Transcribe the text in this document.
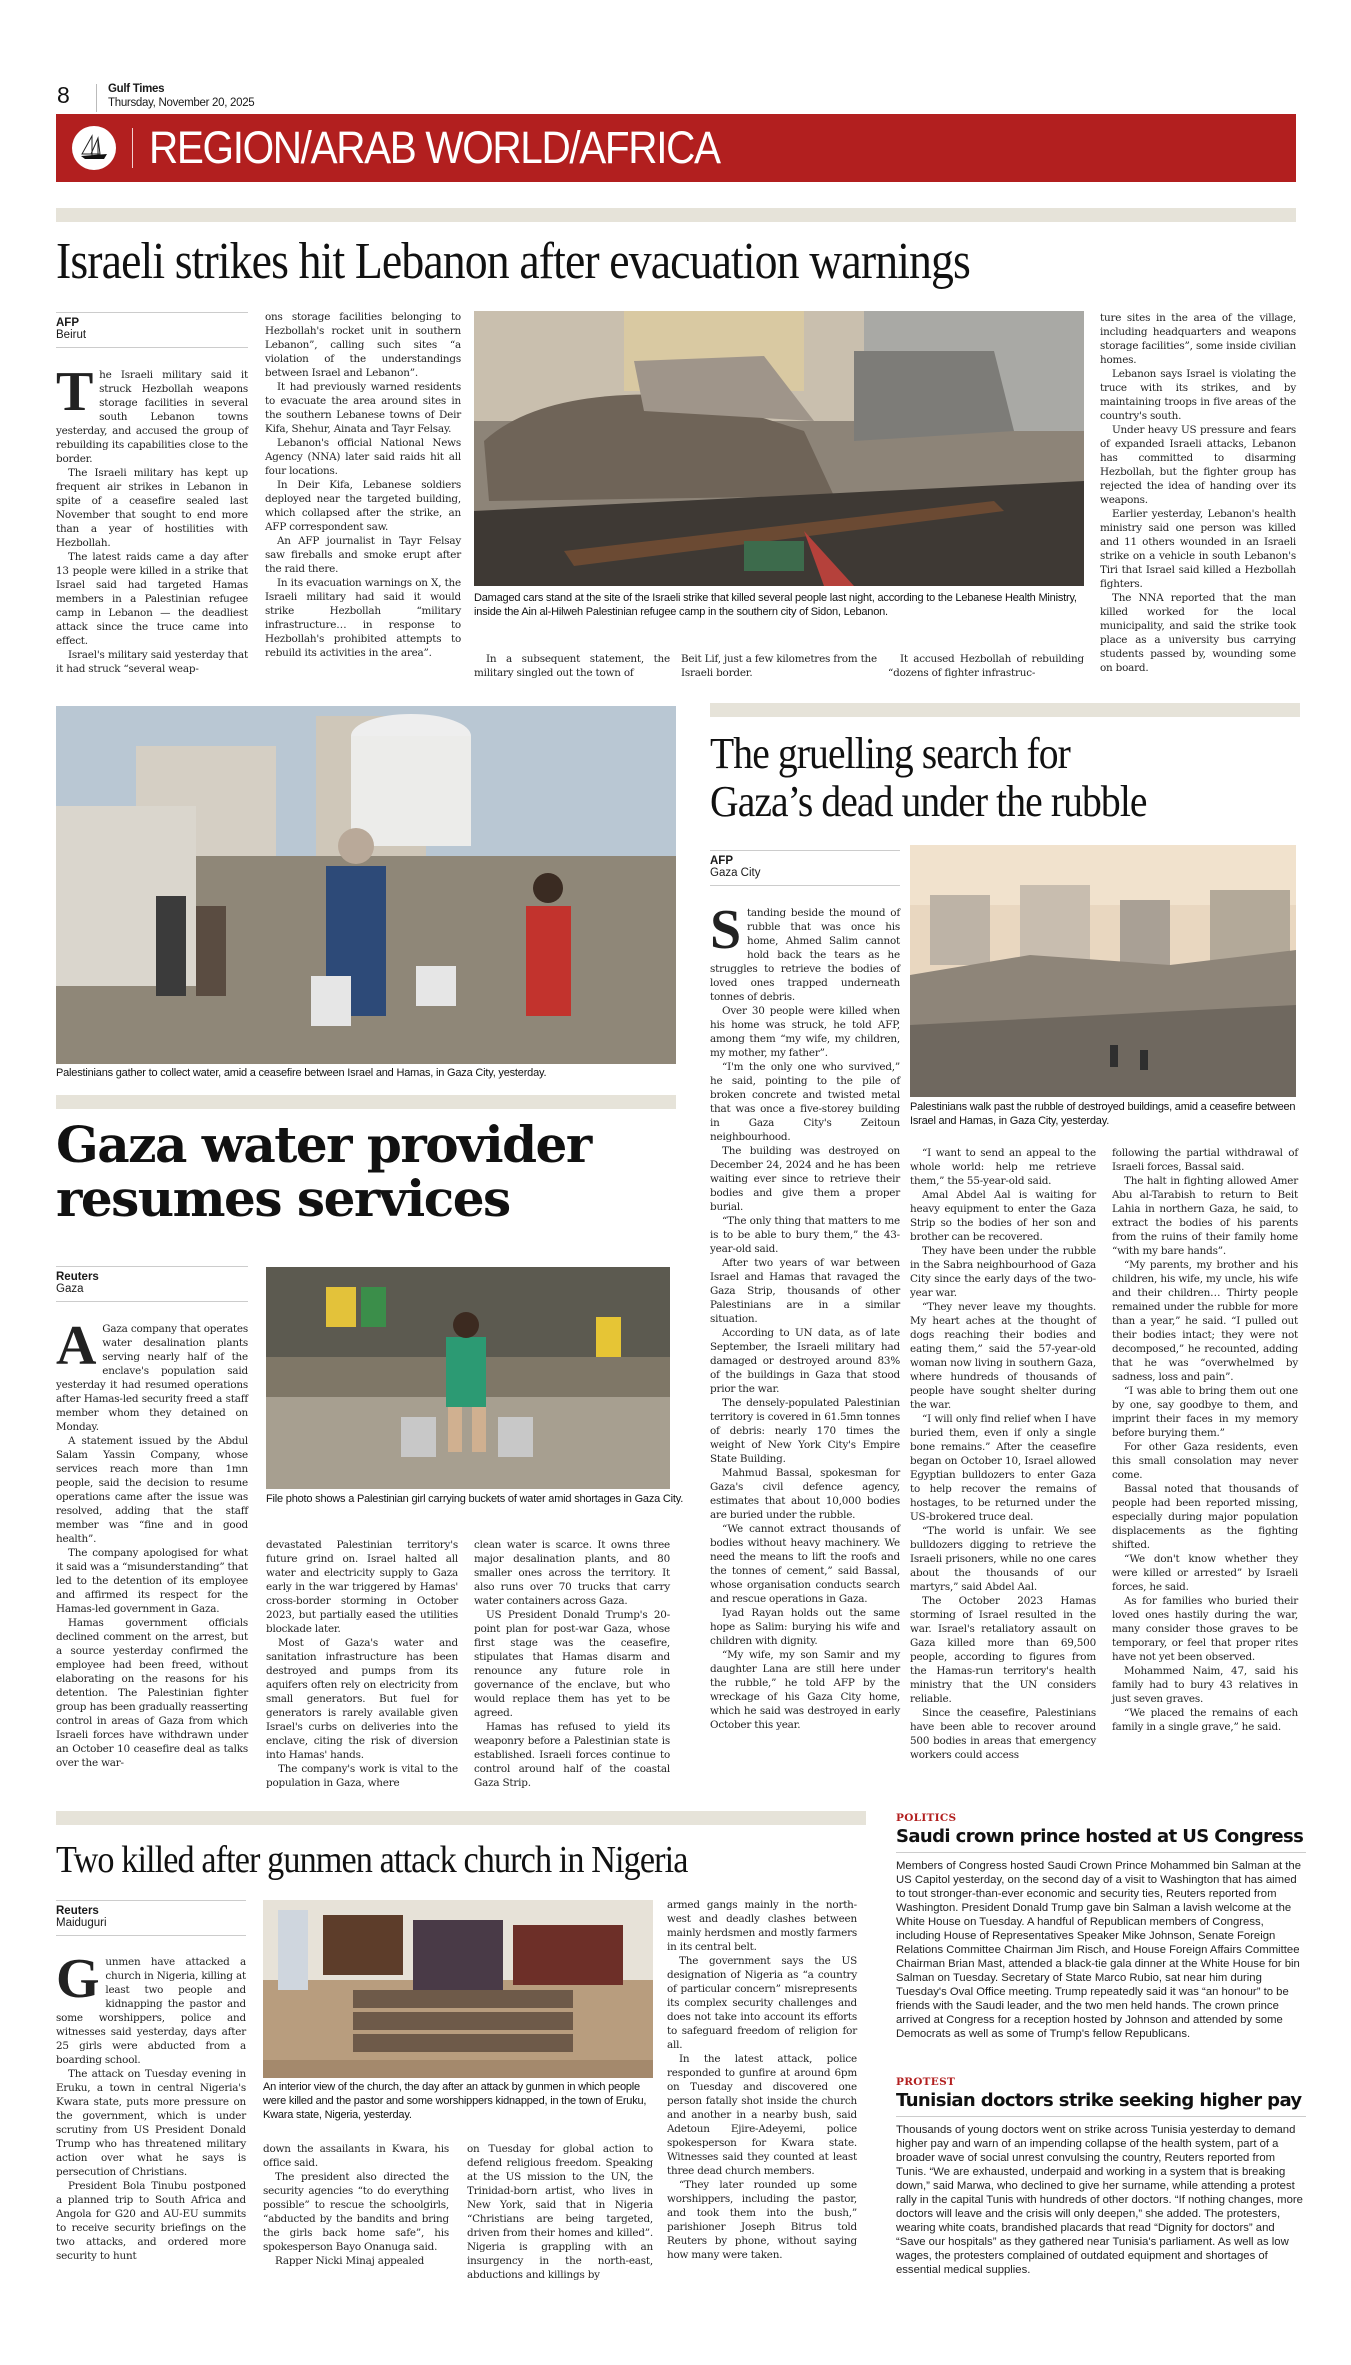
8	Gulf Times
Thursday, November 20, 2025
REGION/ARAB WORLD/AFRICA
Israeli strikes hit Lebanon after evacuation warnings
AFP
Beirut

The Israeli military said it struck Hezbollah weapons storage facilities in several south Lebanon towns yesterday, and accused the group of rebuilding its capabilities close to the border.

The Israeli military has kept up frequent air strikes in Lebanon in spite of a ceasefire sealed last November that sought to end more than a year of hostilities with Hezbollah.

The latest raids came a day after 13 people were killed in a strike that Israel said had targeted Hamas members in a Palestinian refugee camp in Lebanon — the deadliest attack since the truce came into effect.

Israel's military said yesterday that it had struck “several weap-

ons storage facilities belonging to Hezbollah's rocket unit in southern Lebanon”, calling such sites “a violation of the understandings between Israel and Lebanon”.

It had previously warned residents to evacuate the area around sites in the southern Lebanese towns of Deir Kifa, Shehur, Ainata and Tayr Felsay.

Lebanon's official National News Agency (NNA) later said raids hit all four locations.

In Deir Kifa, Lebanese soldiers deployed near the targeted building, which collapsed after the strike, an AFP correspondent saw.

An AFP journalist in Tayr Felsay saw fireballs and smoke erupt after the raid there.

In its evacuation warnings on X, the Israeli military had said it would strike Hezbollah “military infrastructure… in response to Hezbollah's prohibited attempts to rebuild its activities in the area”.

Damaged cars stand at the site of the Israeli strike that killed several people last night, according to the Lebanese Health Ministry, inside the Ain al-Hilweh Palestinian refugee camp in the southern city of Sidon, Lebanon.

In a subsequent statement, the military singled out the town of

Beit Lif, just a few kilometres from the Israeli border.

It accused Hezbollah of rebuilding “dozens of fighter infrastruc-

ture sites in the area of the village, including headquarters and weapons storage facilities”, some inside civilian homes.

Lebanon says Israel is violating the truce with its strikes, and by maintaining troops in five areas of the country's south.

Under heavy US pressure and fears of expanded Israeli attacks, Lebanon has committed to disarming Hezbollah, but the fighter group has rejected the idea of handing over its weapons.

Earlier yesterday, Lebanon's health ministry said one person was killed and 11 others wounded in an Israeli strike on a vehicle in south Lebanon's Tiri that Israel said killed a Hezbollah fighters.

The NNA reported that the man killed worked for the local municipality, and said the strike took place as a university bus carrying students passed by, wounding some on board.

Palestinians gather to collect water, amid a ceasefire between Israel and Hamas, in Gaza City, yesterday.
The gruelling search for
Gaza’s dead under the rubble
AFP
Gaza City

Standing beside the mound of rubble that was once his home, Ahmed Salim cannot hold back the tears as he struggles to retrieve the bodies of loved ones trapped underneath tonnes of debris.

Over 30 people were killed when his home was struck, he told AFP, among them “my wife, my children, my mother, my father”.

“I'm the only one who survived,” he said, pointing to the pile of broken concrete and twisted metal that was once a five-storey building in Gaza City's Zeitoun neighbourhood.

The building was destroyed on December 24, 2024 and he has been waiting ever since to retrieve their bodies and give them a proper burial.

“The only thing that matters to me is to be able to bury them,” the 43-year-old said.

After two years of war between Israel and Hamas that ravaged the Gaza Strip, thousands of other Palestinians are in a similar situation.

According to UN data, as of late September, the Israeli military had damaged or destroyed around 83% of the buildings in Gaza that stood prior the war.

The densely-populated Palestinian territory is covered in 61.5mn tonnes of debris: nearly 170 times the weight of New York City's Empire State Building.

Mahmud Bassal, spokesman for Gaza's civil defence agency, estimates that about 10,000 bodies are buried under the rubble.

“We cannot extract thousands of bodies without heavy machinery. We need the means to lift the roofs and the tonnes of cement,” said Bassal, whose organisation conducts search and rescue operations in Gaza.

Iyad Rayan holds out the same hope as Salim: burying his wife and children with dignity.

“My wife, my son Samir and my daughter Lana are still here under the rubble,” he told AFP by the wreckage of his Gaza City home, which he said was destroyed in early October this year.

Palestinians walk past the rubble of destroyed buildings, amid a ceasefire between Israel and Hamas, in Gaza City, yesterday.

“I want to send an appeal to the whole world: help me retrieve them,” the 55-year-old said.

Amal Abdel Aal is waiting for heavy equipment to enter the Gaza Strip so the bodies of her son and brother can be recovered.

They have been under the rubble in the Sabra neighbourhood of Gaza City since the early days of the two-year war.

“They never leave my thoughts. My heart aches at the thought of dogs reaching their bodies and eating them,” said the 57-year-old woman now living in southern Gaza, where hundreds of thousands of people have sought shelter during the war.

“I will only find relief when I have buried them, even if only a single bone remains.” After the ceasefire began on October 10, Israel allowed Egyptian bulldozers to enter Gaza to help recover the remains of hostages, to be returned under the US-brokered truce deal.

“The world is unfair. We see bulldozers digging to retrieve the Israeli prisoners, while no one cares about the thousands of our martyrs,” said Abdel Aal.

The October 2023 Hamas storming of Israel resulted in the war. Israel's retaliatory assault on Gaza killed more than 69,500 people, according to figures from the Hamas-run territory's health ministry that the UN considers reliable.

Since the ceasefire, Palestinians have been able to recover around 500 bodies in areas that emergency workers could access

following the partial withdrawal of Israeli forces, Bassal said.

The halt in fighting allowed Amer Abu al-Tarabish to return to Beit Lahia in northern Gaza, he said, to extract the bodies of his parents from the ruins of their family home “with my bare hands”.

“My parents, my brother and his children, his wife, my uncle, his wife and their children… Thirty people remained under the rubble for more than a year,” he said. “I pulled out their bodies intact; they were not decomposed,” he recounted, adding that he was “overwhelmed by sadness, loss and pain”.

“I was able to bring them out one by one, say goodbye to them, and imprint their faces in my memory before burying them.”

For other Gaza residents, even this small consolation may never come.

Bassal noted that thousands of people had been reported missing, especially during major population displacements as the fighting shifted.

“We don't know whether they were killed or arrested” by Israeli forces, he said.

As for families who buried their loved ones hastily during the war, many consider those graves to be temporary, or feel that proper rites have not yet been observed.

Mohammed Naim, 47, said his family had to bury 43 relatives in just seven graves.

“We placed the remains of each family in a single grave,” he said.

Gaza water provider
resumes services
Reuters
Gaza

A Gaza company that operates water desalination plants serving nearly half of the enclave's population said yesterday it had resumed operations after Hamas-led security freed a staff member whom they detained on Monday.

A statement issued by the Abdul Salam Yassin Company, whose services reach more than 1mn people, said the decision to resume operations came after the issue was resolved, adding that the staff member was “fine and in good health”.

The company apologised for what it said was a “misunderstanding” that led to the detention of its employee and affirmed its respect for the Hamas-led government in Gaza.

Hamas government officials declined comment on the arrest, but a source yesterday confirmed the employee had been freed, without elaborating on the reasons for his detention. The Palestinian fighter group has been gradually reasserting control in areas of Gaza from which Israeli forces have withdrawn under an October 10 ceasefire deal as talks over the war-

File photo shows a Palestinian girl carrying buckets of water amid shortages in Gaza City.

devastated Palestinian territory's future grind on. Israel halted all water and electricity supply to Gaza early in the war triggered by Hamas' cross-border storming in October 2023, but partially eased the utilities blockade later.

Most of Gaza's water and sanitation infrastructure has been destroyed and pumps from its aquifers often rely on electricity from small generators. But fuel for generators is rarely available given Israel's curbs on deliveries into the enclave, citing the risk of diversion into Hamas' hands.

The company's work is vital to the population in Gaza, where

clean water is scarce. It owns three major desalination plants, and 80 smaller ones across the territory. It also runs over 70 trucks that carry water containers across Gaza.

US President Donald Trump's 20-point plan for post-war Gaza, whose first stage was the ceasefire, stipulates that Hamas disarm and renounce any future role in governance of the enclave, but who would replace them has yet to be agreed.

Hamas has refused to yield its weaponry before a Palestinian state is established. Israeli forces continue to control around half of the coastal Gaza Strip.

Two killed after gunmen attack church in Nigeria
Reuters
Maiduguri

Gunmen have attacked a church in Nigeria, killing at least two people and kidnapping the pastor and some worshippers, police and witnesses said yesterday, days after 25 girls were abducted from a boarding school.

The attack on Tuesday evening in Eruku, a town in central Nigeria's Kwara state, puts more pressure on the government, which is under scrutiny from US President Donald Trump who has threatened military action over what he says is persecution of Christians.

President Bola Tinubu postponed a planned trip to South Africa and Angola for G20 and AU-EU summits to receive security briefings on the two attacks, and ordered more security to hunt

An interior view of the church, the day after an attack by gunmen in which people were killed and the pastor and some worshippers kidnapped, in the town of Eruku, Kwara state, Nigeria, yesterday.

down the assailants in Kwara, his office said.

The president also directed the security agencies “to do everything possible” to rescue the schoolgirls, “abducted by the bandits and bring the girls back home safe”, his spokesperson Bayo Onanuga said.

Rapper Nicki Minaj appealed

on Tuesday for global action to defend religious freedom. Speaking at the US mission to the UN, the Trinidad-born artist, who lives in New York, said that in Nigeria “Christians are being targeted, driven from their homes and killed”. Nigeria is grappling with an insurgency in the north-east, abductions and killings by

armed gangs mainly in the north-west and deadly clashes between mainly herdsmen and mostly farmers in its central belt.

The government says the US designation of Nigeria as “a country of particular concern” misrepresents its complex security challenges and does not take into account its efforts to safeguard freedom of religion for all.

In the latest attack, police responded to gunfire at around 6pm on Tuesday and discovered one person fatally shot inside the church and another in a nearby bush, said Adetoun Ejire-Adeyemi, police spokesperson for Kwara state. Witnesses said they counted at least three dead church members.

“They later rounded up some worshippers, including the pastor, and took them into the bush,” parishioner Joseph Bitrus told Reuters by phone, without saying how many were taken.

POLITICS
Saudi crown prince hosted at US Congress
Members of Congress hosted Saudi Crown Prince Mohammed bin Salman at the US Capitol yesterday, on the second day of a visit to Washington that has aimed to tout stronger-than-ever economic and security ties, Reuters reported from Washington. President Donald Trump gave bin Salman a lavish welcome at the White House on Tuesday. A handful of Republican members of Congress, including House of Representatives Speaker Mike Johnson, Senate Foreign Relations Committee Chairman Jim Risch, and House Foreign Affairs Committee Chairman Brian Mast, attended a black-tie gala dinner at the White House for bin Salman on Tuesday. Secretary of State Marco Rubio, sat near him during Tuesday's Oval Office meeting. Trump repeatedly said it was “an honour” to be friends with the Saudi leader, and the two men held hands. The crown prince arrived at Congress for a reception hosted by Johnson and attended by some Democrats as well as some of Trump's fellow Republicans.
PROTEST
Tunisian doctors strike seeking higher pay
Thousands of young doctors went on strike across Tunisia yesterday to demand higher pay and warn of an impending collapse of the health system, part of a broader wave of social unrest convulsing the country, Reuters reported from Tunis. “We are exhausted, underpaid and working in a system that is breaking down,” said Marwa, who declined to give her surname, while attending a protest rally in the capital Tunis with hundreds of other doctors. “If nothing changes, more doctors will leave and the crisis will only deepen,” she added. The protesters, wearing white coats, brandished placards that read “Dignity for doctors” and “Save our hospitals” as they gathered near Tunisia's parliament. As well as low wages, the protesters complained of outdated equipment and shortages of essential medical supplies.
